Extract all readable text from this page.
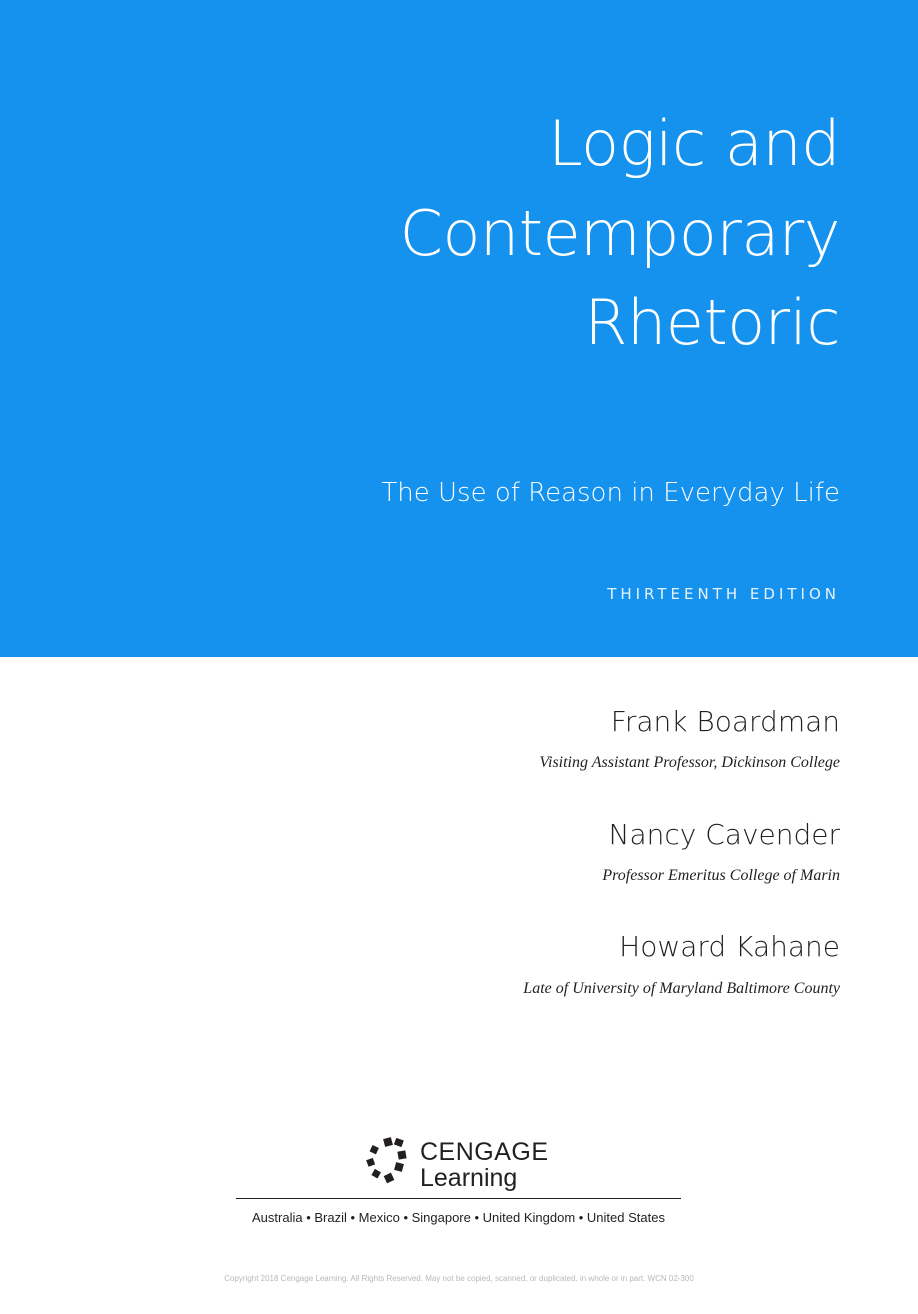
Logic and
Contemporary
Rhetoric
The Use of Reason in Everyday Life
THIRTEENTH EDITION
Frank Boardman
Visiting Assistant Professor, Dickinson College
Nancy Cavender
Professor Emeritus College of Marin
Howard Kahane
Late of University of Maryland Baltimore County
CENGAGE
Learning
Australia • Brazil • Mexico • Singapore • United Kingdom • United States
Copyright 2018 Cengage Learning. All Rights Reserved. May not be copied, scanned, or duplicated, in whole or in part. WCN 02-300
